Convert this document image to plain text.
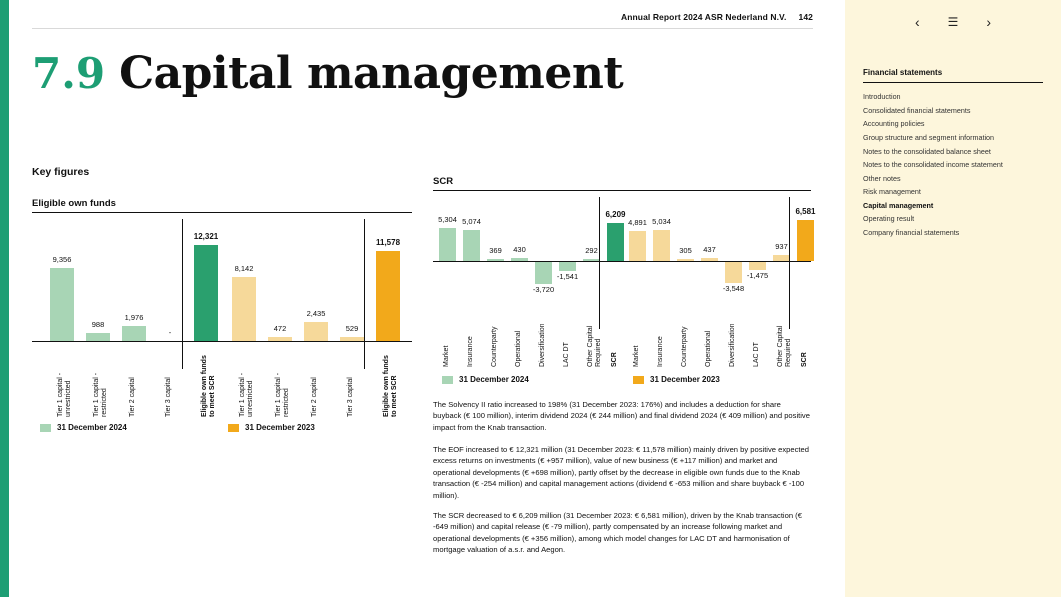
Annual Report 2024 ASR Nederland N.V. 142
7.9 Capital management
Key figures
Eligible own funds
9,356
988
1,976
-
12,321
8,142
472
2,435
529
11,578
Tier 1 capital - unrestricted	Tier 1 capital - restricted	Tier 2 capital	Tier 3 capital	Eligible own funds to meet SCR	Tier 1 capital - unrestricted	Tier 1 capital - restricted	Tier 2 capital	Tier 3 capital	Eligible own funds to meet SCR
31 December 2024	31 December 2023
SCR
5,304 5,074
369 430
-3,720
-1,541
292
6,209
4,891 5,034
305 437
-3,548
-1,475
937
6,581
Market Insurance Counterparty Operational Diversification LAC DT Other Capital Required SCR Market Insurance Counterparty Operational Diversification LAC DT Other Capital Required SCR
31 December 2024	31 December 2023
The Solvency II ratio increased to 198% (31 December 2023: 176%) and includes a deduction for share buyback (€ 100 million), interim dividend 2024 (€ 244 million) and final dividend 2024 (€ 409 million) and positive impact from the Knab transaction.
The EOF increased to € 12,321 million (31 December 2023: € 11,578 million) mainly driven by positive expected excess returns on investments (€ +957 million), value of new business (€ +117 million) and market and operational developments (€ +698 million), partly offset by the decrease in eligible own funds due to the Knab transaction (€ -254 million) and capital management actions (dividend € -653 million and share buyback € -100 million).
The SCR decreased to € 6,209 million (31 December 2023: € 6,581 million), driven by the Knab transaction (€ -649 million) and capital release (€ -79 million), partly compensated by an increase following market and operational developments (€ +356 million), among which model changes for LAC DT and harmonisation of mortgage valuation of a.s.r. and Aegon.
‹ ☰ ›
Financial statements
Introduction
Consolidated financial statements
Accounting policies
Group structure and segment information
Notes to the consolidated balance sheet
Notes to the consolidated income statement
Other notes
Risk management
Capital management
Operating result
Company financial statements
